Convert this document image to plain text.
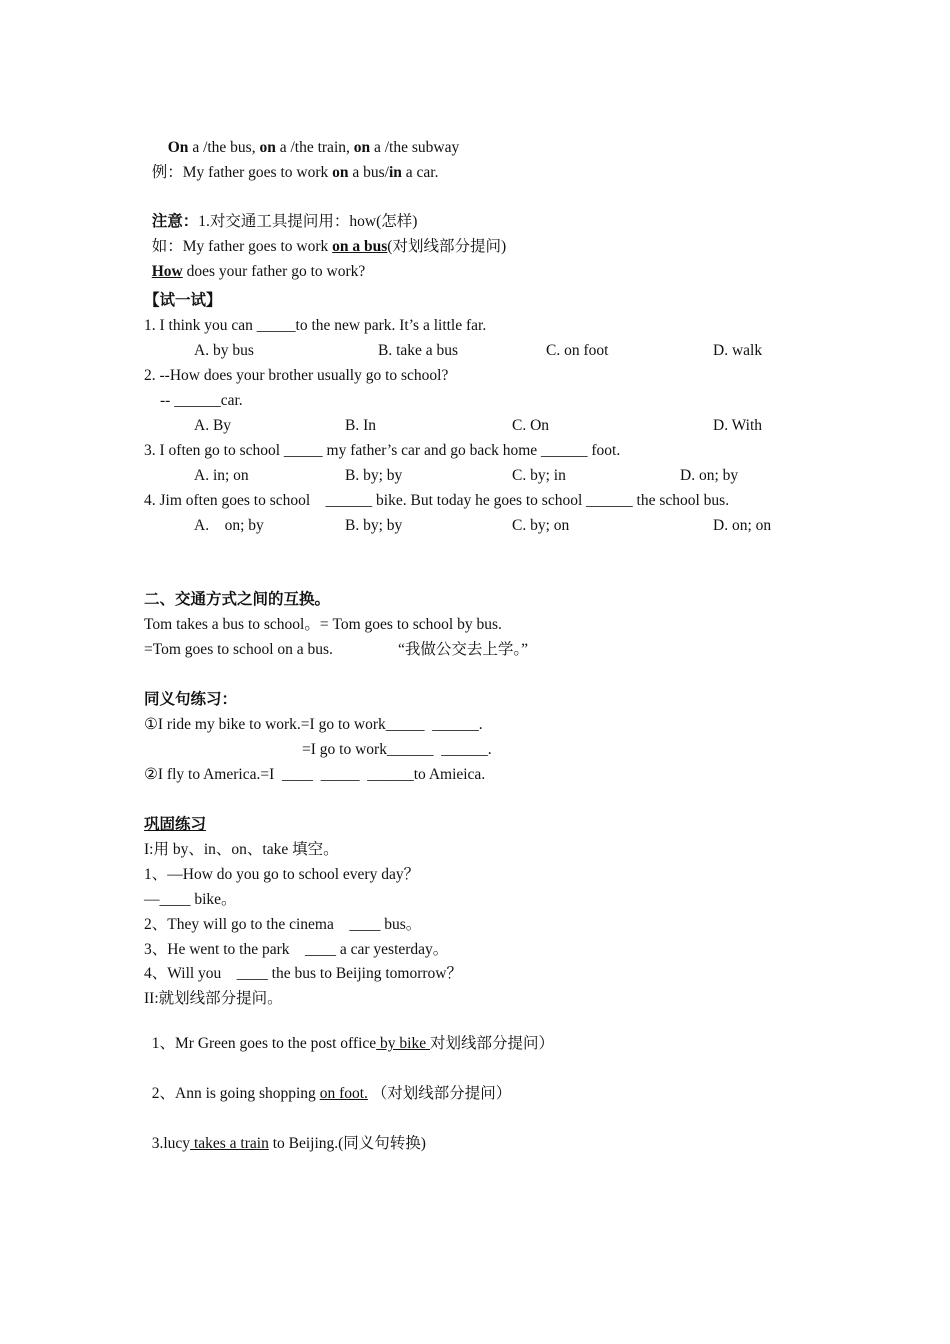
On a /the bus, on a /the train, on a /the subway

例：My father goes to work on a bus/in a car.

注意：1.对交通工具提问用：how(怎样)

如：My father goes to work on a bus(对划线部分提问)

How does your father go to work?

【试一试】
1. I think you can _____to the new park. It’s a little far.
A. by bus	B. take a bus	C. on foot	D. walk
2. --How does your brother usually go to school?
-- ______car.
A. By	B. In	C. On	D. With
3. I often go to school _____ my father’s car and go back home ______ foot.
A. in; on	B. by; by	C. by; in	D. on; by
4. Jim often goes to school    ______ bike. But today he goes to school ______ the school bus.
A.    on; by	B. by; by	C. by; on	D. on; on
二、交通方式之间的互换。
Tom takes a bus to school。= Tom goes to school by bus.
=Tom goes to school on a bus.	“我做公交去上学。”
同义句练习：
①I ride my bike to work.=I go to work_____  ______.
=I go to work______  ______.
②I fly to America.=I  ____  _____  ______to Amieica.
巩固练习
I:用 by、in、on、take 填空。
1、—How do you go to school every day？
—____ bike。
2、They will go to the cinema    ____ bus。
3、He went to the park    ____ a car yesterday。
4、Will you    ____ the bus to Beijing tomorrow？
II:就划线部分提问。

1、Mr Green goes to the post office by bike 对划线部分提问）

2、Ann is going shopping on foot. （对划线部分提问）

3.lucy takes a train to Beijing.(同义句转换)
